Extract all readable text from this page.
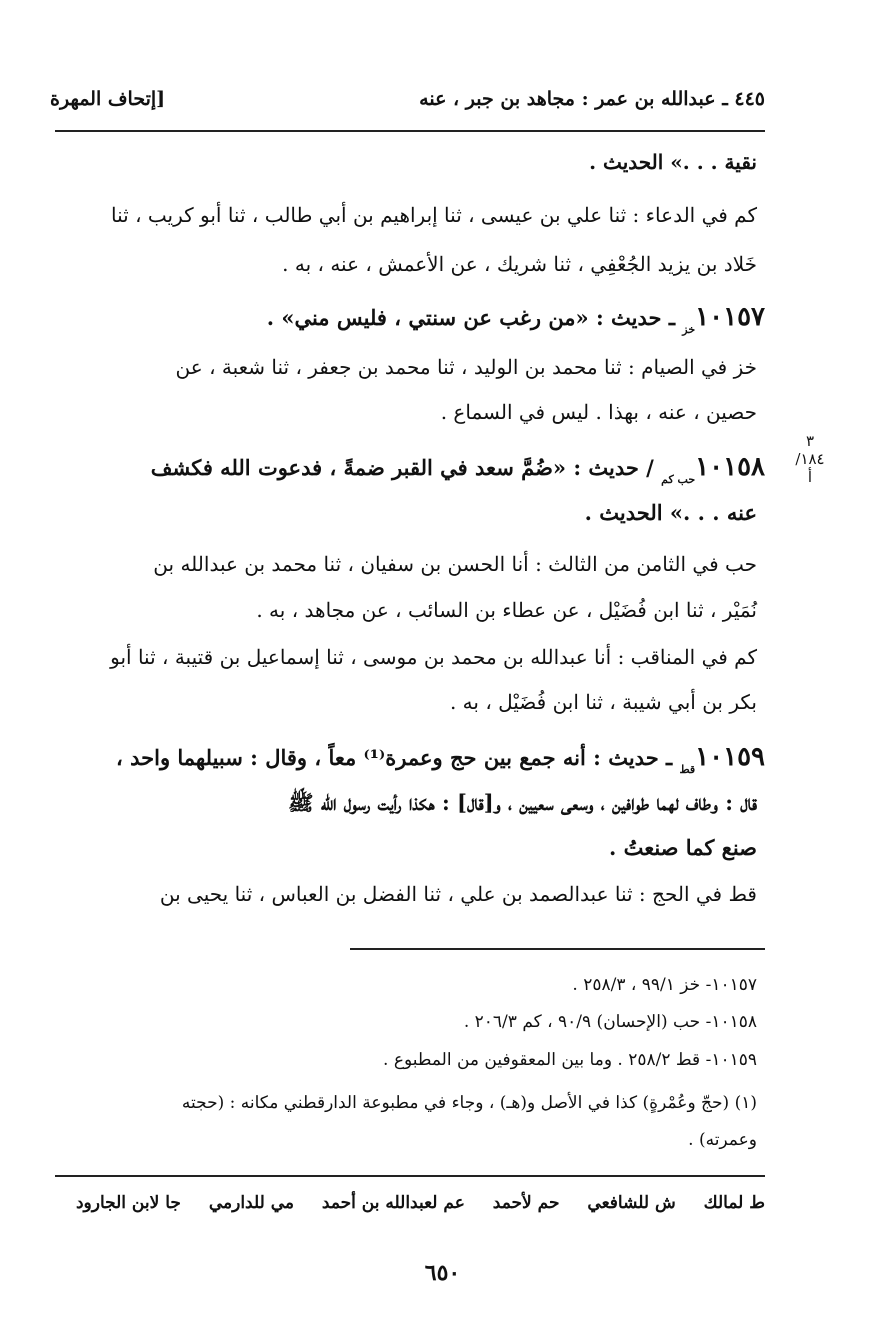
٤٤٥ ـ عبدالله بن عمر : مجاهد بن جبر ، عنه
[إتحاف المهرة
نقية . . .» الحديث .
كم في الدعاء : ثنا علي بن عيسى ، ثنا إبراهيم بن أبي طالب ، ثنا أبو كريب ، ثنا
خَلاد بن يزيد الجُعْفِي ، ثنا شريك ، عن الأعمش ، عنه ، به .
$١٠١٥٧_{خز}$ ـ حديث : «من رغب عن سنتي ، فليس مني» .
خز في الصيام : ثنا محمد بن الوليد ، ثنا محمد بن جعفر ، ثنا شعبة ، عن
حصين ، عنه ، بهذا . ليس في السماع .
٣
١٨٤/أ
$١٠١٥٨_{حب كم}$ / حديث : «ضُمَّ سعد في القبر ضمةً ، فدعوت الله فكشف
عنه . . .» الحديث .
حب في الثامن من الثالث : أنا الحسن بن سفيان ، ثنا محمد بن عبدالله بن
نُمَيْر ، ثنا ابن فُضَيْل ، عن عطاء بن السائب ، عن مجاهد ، به .
كم في المناقب : أنا عبدالله بن محمد بن موسى ، ثنا إسماعيل بن قتيبة ، ثنا أبو
بكر بن أبي شيبة ، ثنا ابن فُضَيْل ، به .
$١٠١٥٩_{قط}$ ـ حديث : أنه جمع بين حج وعمرة⁽¹⁾ معاً ، وقال : سبيلهما واحد ،
قال : وطاف لهما طوافين ، وسعى سعيين ، و[قال] : هكذا رأيت رسول الله ﷺ
صنع كما صنعتُ .
قط في الحج : ثنا عبدالصمد بن علي ، ثنا الفضل بن العباس ، ثنا يحيى بن
١٠١٥٧- خز ٩٩/١ ، ٢٥٨/٣ .
١٠١٥٨- حب (الإحسان) ٩٠/٩ ، كم ٢٠٦/٣ .
١٠١٥٩- قط ٢٥٨/٢ . وما بين المعقوفين من المطبوع .
(١) (حجّ وعُمْرةٍ) كذا في الأصل و(هـ) ، وجاء في مطبوعة الدارقطني مكانه : (حجته
وعمرته) .
ط لمالك ش للشافعي حم لأحمد عم لعبدالله بن أحمد مي للدارمي جا لابن الجارود
٦٥٠
